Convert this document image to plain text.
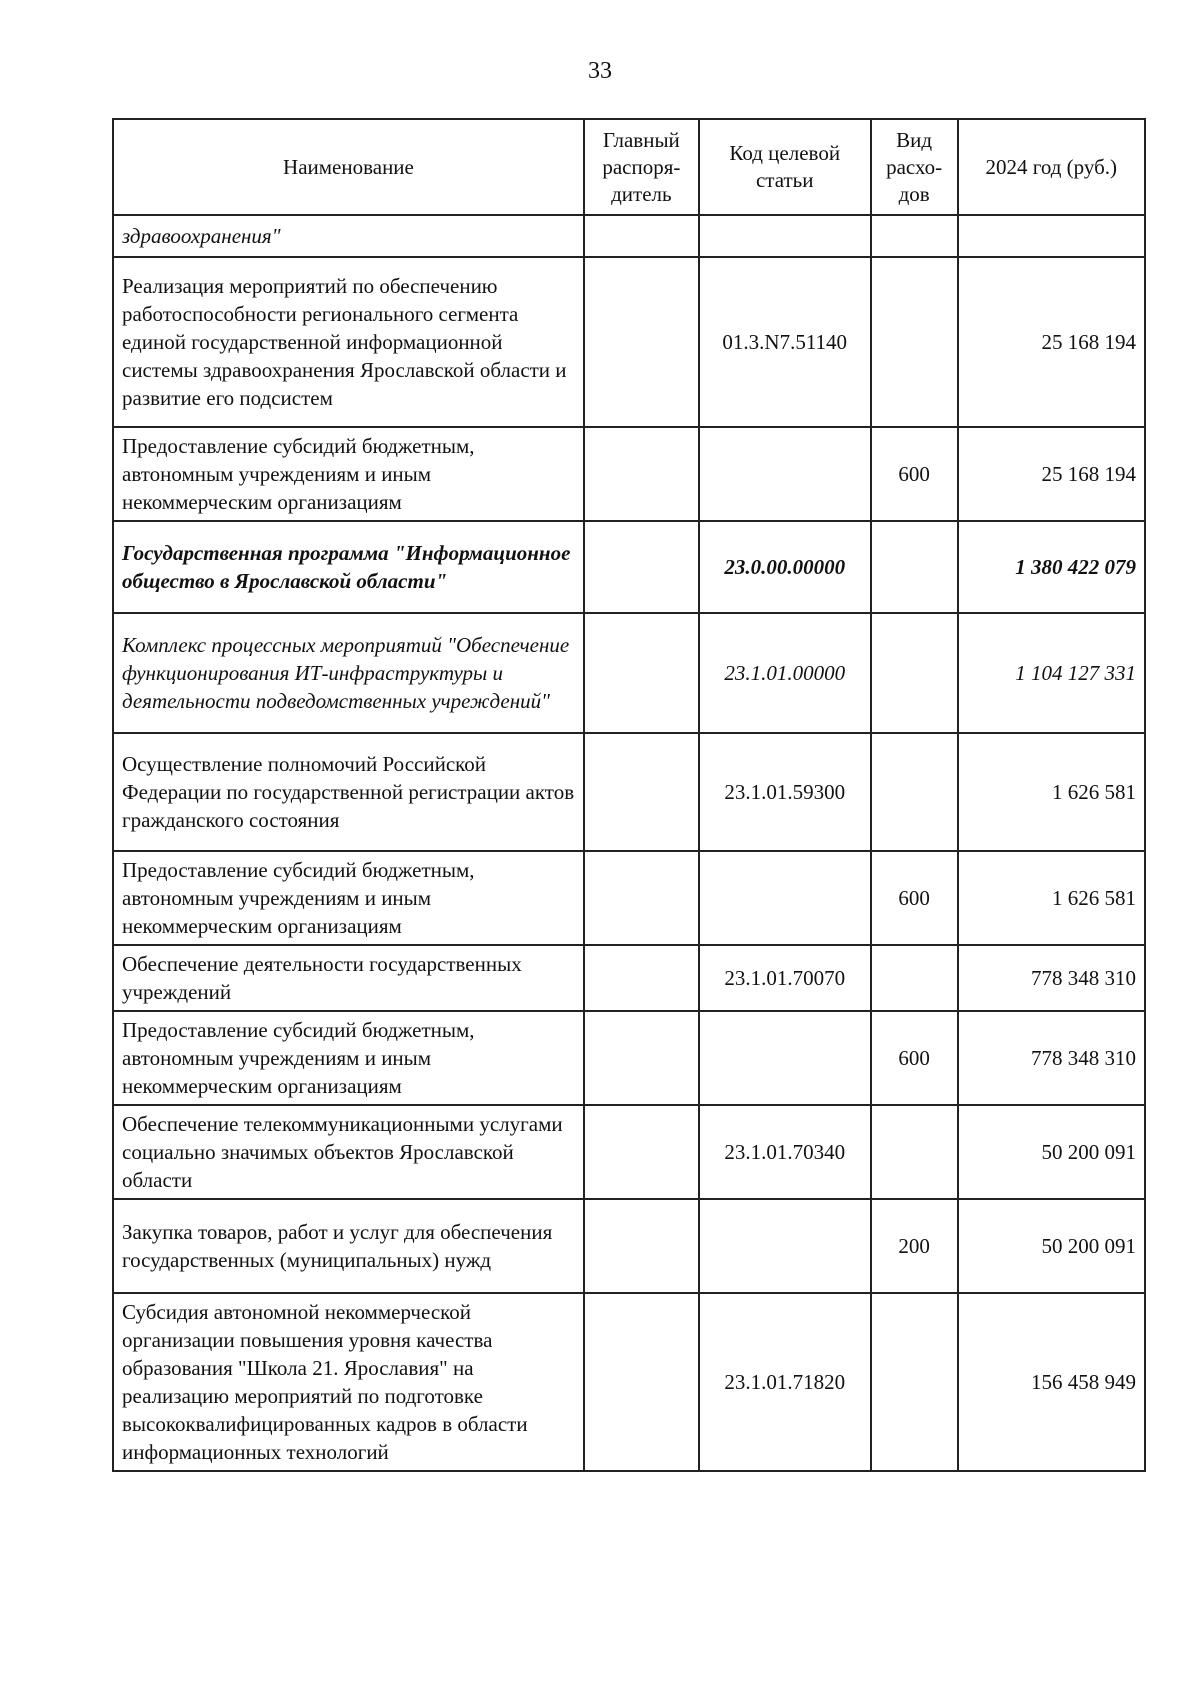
33
Наименование	Главный распоря-дитель	Код целевой статьи	Вид расхо-дов	2024 год (руб.)
здравоохранения"				
Реализация мероприятий по обеспечению работоспособности регионального сегмента единой государственной информационной системы здравоохранения Ярославской области и развитие его подсистем		01.3.N7.51140		25 168 194
Предоставление субсидий бюджетным, автономным учреждениям и иным некоммерческим организациям			600	25 168 194
Государственная программа "Информационное общество в Ярославской области"		23.0.00.00000		1 380 422 079
Комплекс процессных мероприятий "Обеспечение функционирования ИТ-инфраструктуры и деятельности подведомственных учреждений"		23.1.01.00000		1 104 127 331
Осуществление полномочий Российской Федерации по государственной регистрации актов гражданского состояния		23.1.01.59300		1 626 581
Предоставление субсидий бюджетным, автономным учреждениям и иным некоммерческим организациям			600	1 626 581
Обеспечение деятельности государственных учреждений		23.1.01.70070		778 348 310
Предоставление субсидий бюджетным, автономным учреждениям и иным некоммерческим организациям			600	778 348 310
Обеспечение телекоммуникационными услугами социально значимых объектов Ярославской области		23.1.01.70340		50 200 091
Закупка товаров, работ и услуг для обеспечения государственных (муниципальных) нужд			200	50 200 091
Субсидия автономной некоммерческой организации повышения уровня качества образования "Школа 21. Ярославия" на реализацию мероприятий по подготовке высококвалифицированных кадров в области информационных технологий		23.1.01.71820		156 458 949
